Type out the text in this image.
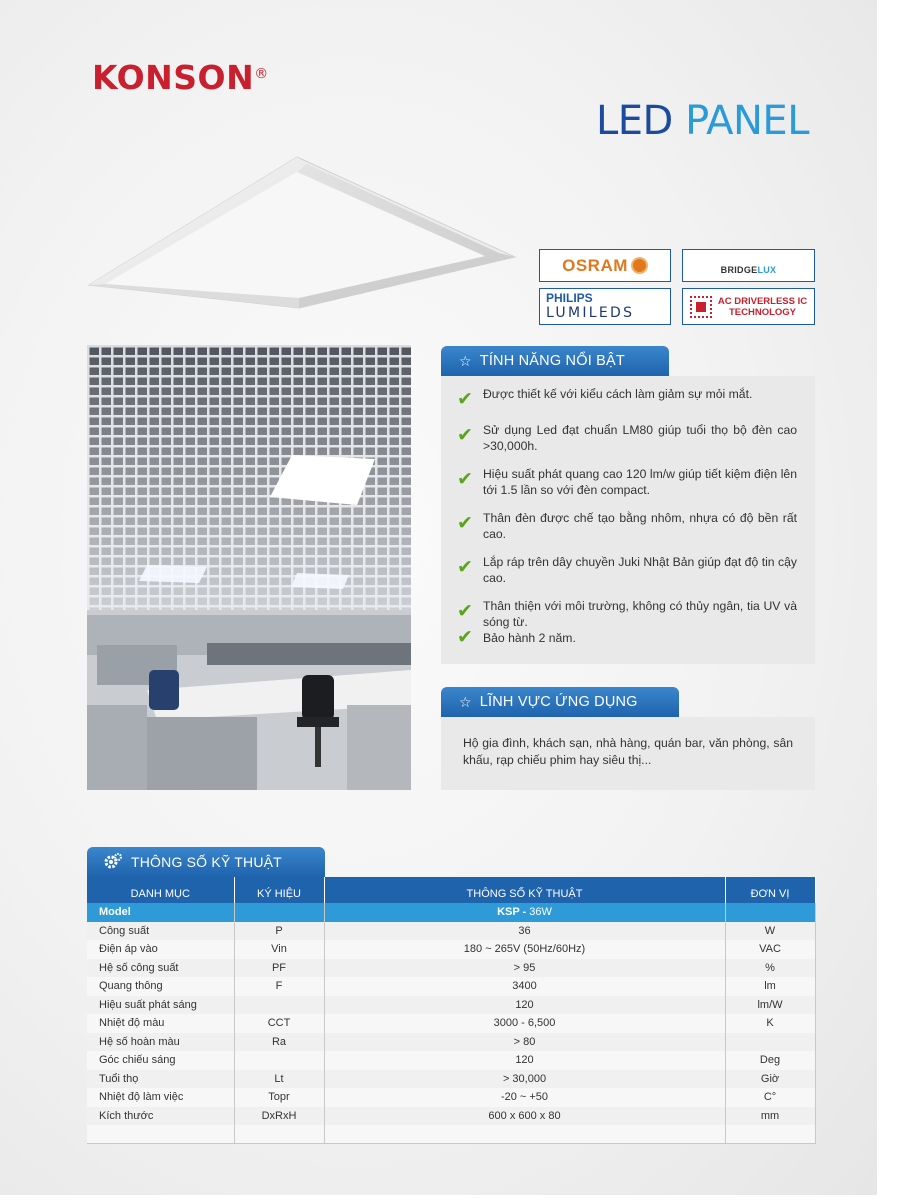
KONSON®
LED PANEL
OSRAM	BRIDGELUX
PHILIPS
LUMILEDS
AC DRIVERLESS IC
TECHNOLOGY
☆ TÍNH NĂNG NỔI BẬT
✔ Được thiết kế với kiểu cách làm giảm sự mỏi mắt.
✔ Sử dụng Led đạt chuẩn LM80 giúp tuổi thọ bộ đèn cao >30,000h.
✔ Hiệu suất phát quang cao 120 lm/w giúp tiết kiệm điện lên tới 1.5 lần so với đèn compact.
✔ Thân đèn được chế tạo bằng nhôm, nhựa có độ bền rất cao.
✔ Lắp ráp trên dây chuyền Juki Nhật Bản giúp đạt độ tin cậy cao.
✔ Thân thiện với môi trường, không có thủy ngân, tia UV và sóng từ.
✔ Bảo hành 2 năm.
☆ LĨNH VỰC ỨNG DỤNG

Hộ gia đình, khách sạn, nhà hàng, quán bar, văn phòng, sân khấu, rạp chiếu phim hay siêu thị...

THÔNG SỐ KỸ THUẬT
DANH MỤC	KÝ HIỆU	THÔNG SỐ KỸ THUẬT	ĐƠN VỊ
Model		KSP - 36W	
Công suất	P	36	W
Điện áp vào	Vin	180 ~ 265V (50Hz/60Hz)	VAC
Hệ số công suất	PF	> 95	%
Quang thông	F	3400	lm
Hiệu suất phát sáng		120	lm/W
Nhiệt độ màu	CCT	3000 - 6,500	K
Hệ số hoàn màu	Ra	> 80	
Góc chiếu sáng		120	Deg
Tuổi thọ	Lt	> 30,000	Giờ
Nhiệt độ làm việc	Topr	-20 ~ +50	C°
Kích thước	DxRxH	600 x 600 x 80	mm
